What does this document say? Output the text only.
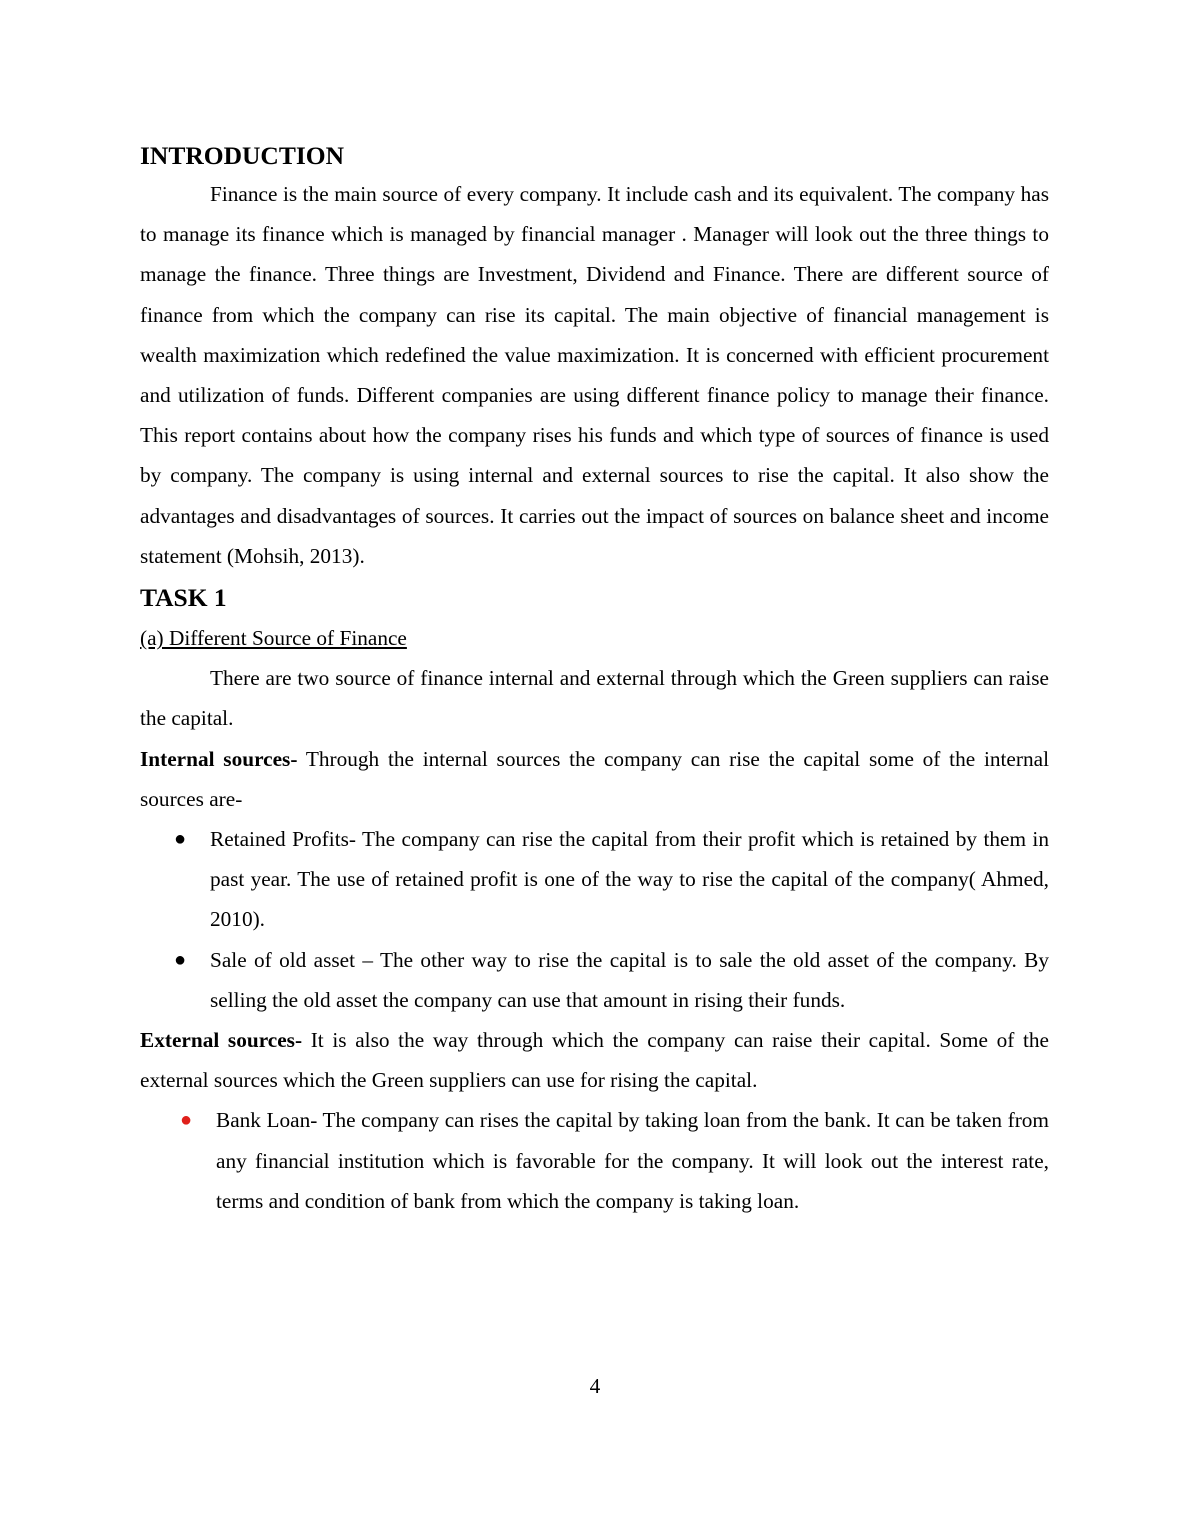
INTRODUCTION

Finance is the main source of every company. It include cash and its equivalent. The company has to manage its finance which is managed by financial manager . Manager will look out the three things to manage the finance. Three things are Investment, Dividend and Finance. There are different source of finance from which the company can rise its capital. The main objective of financial management is wealth maximization which redefined the value maximization. It is concerned with efficient procurement and utilization of funds. Different companies are using different finance policy to manage their finance. This report contains about how the company rises his funds and which type of sources of finance is used by company. The company is using internal and external sources to rise the capital. It also show the advantages and disadvantages of sources. It carries out the impact of sources on balance sheet and income statement (Mohsih, 2013).

TASK 1

(a) Different Source of Finance

There are two source of finance internal and external through which the Green suppliers can raise the capital.

Internal sources- Through the internal sources the company can rise the capital some of the internal sources are-

● Retained Profits- The company can rise the capital from their profit which is retained by them in past year. The use of retained profit is one of the way to rise the capital of the company( Ahmed, 2010).
● Sale of old asset – The other way to rise the capital is to sale the old asset of the company. By selling the old asset the company can use that amount in rising their funds.

External sources- It is also the way through which the company can raise their capital. Some of the external sources which the Green suppliers can use for rising the capital.

● Bank Loan- The company can rises the capital by taking loan from the bank. It can be taken from any financial institution which is favorable for the company. It will look out the interest rate, terms and condition of bank from which the company is taking loan.
4
